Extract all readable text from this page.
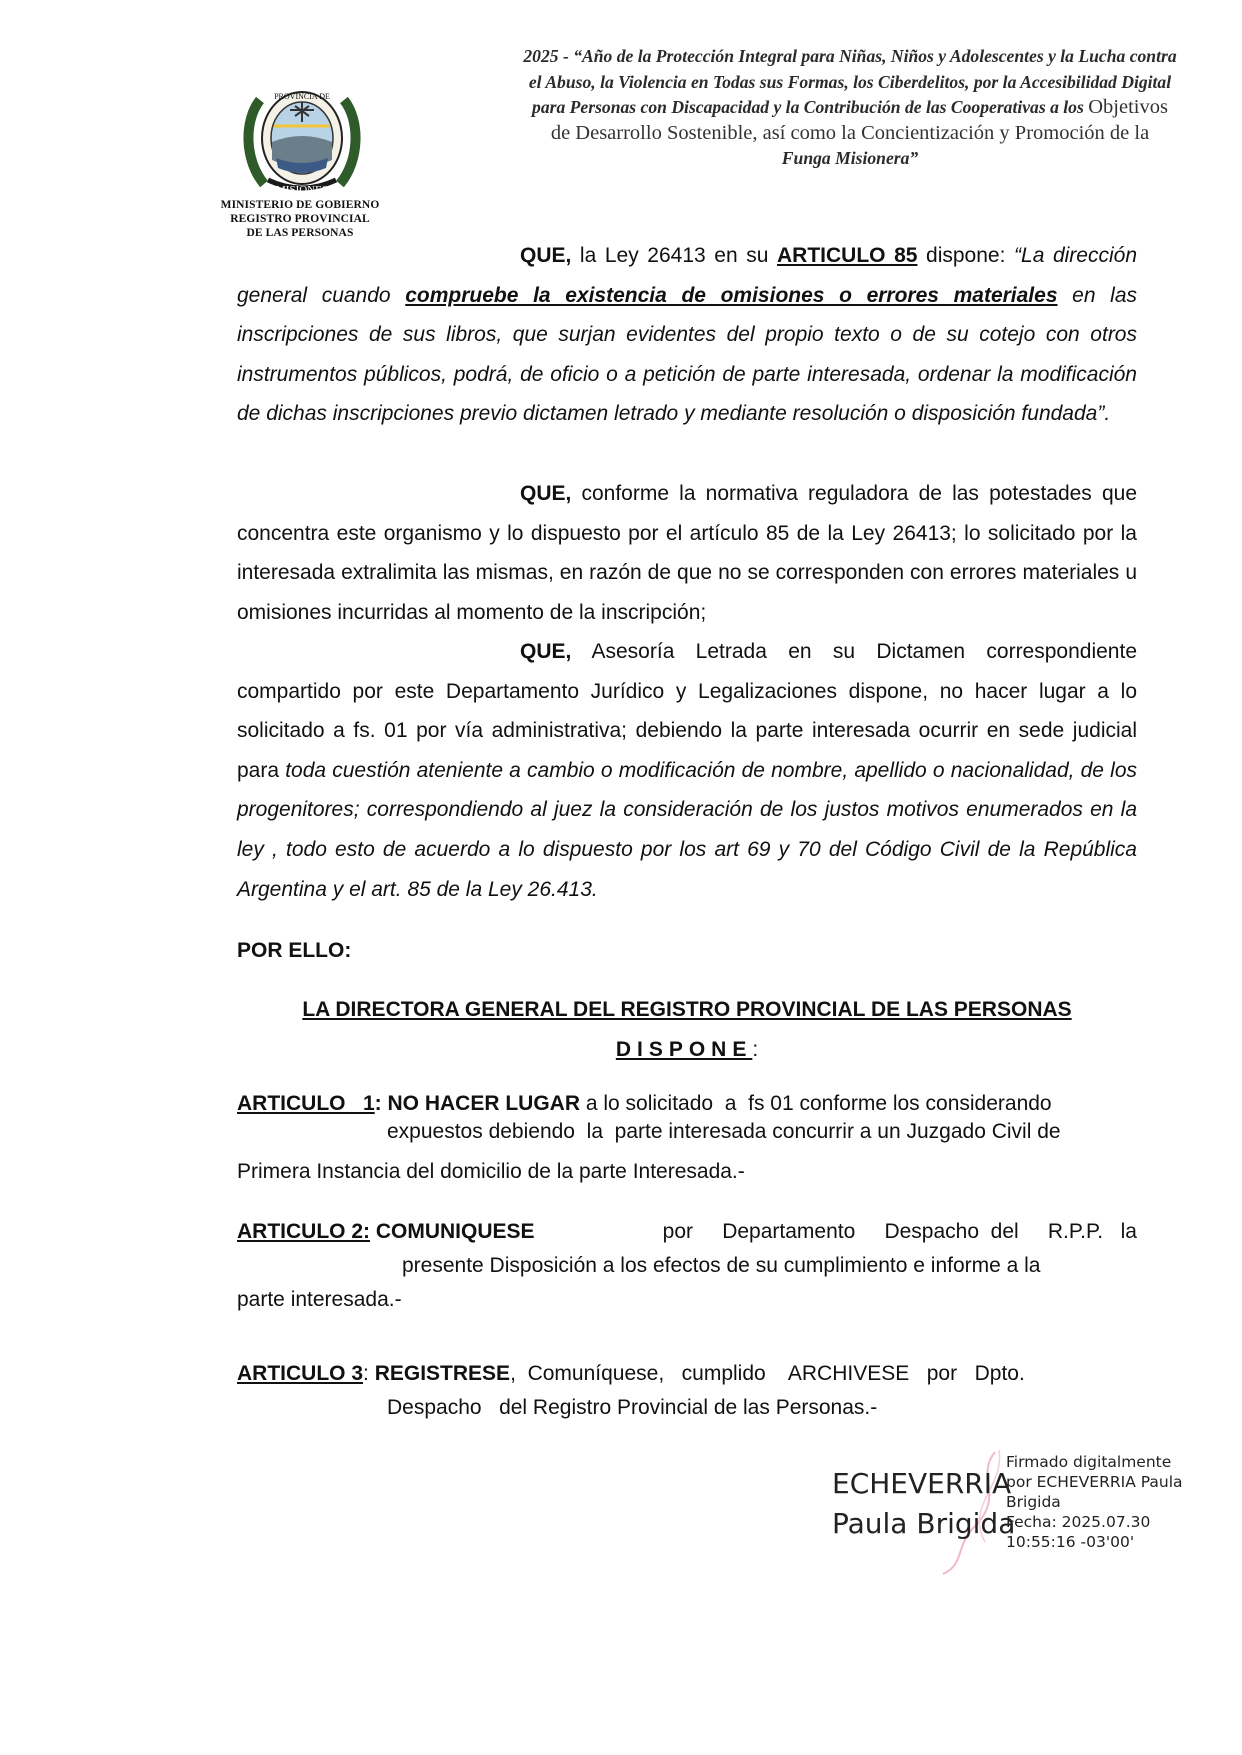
PROVINCIA DE
MISIONES
MINISTERIO DE GOBIERNO
REGISTRO PROVINCIAL
DE LAS PERSONAS
2025 - “Año de la Protección Integral para Niñas, Niños y Adolescentes y la Lucha contra
el Abuso, la Violencia en Todas sus Formas, los Ciberdelitos, por la Accesibilidad Digital
para Personas con Discapacidad y la Contribución de las Cooperativas a los Objetivos
de Desarrollo Sostenible, así como la Concientización y Promoción de la
Funga Misionera”

QUE, la Ley 26413 en su ARTICULO 85 dispone: “La dirección general cuando compruebe la existencia de omisiones o errores materiales en las inscripciones de sus libros, que surjan evidentes del propio texto o de su cotejo con otros instrumentos públicos, podrá, de oficio o a petición de parte interesada, ordenar la modificación de dichas inscripciones previo dictamen letrado y mediante resolución o disposición fundada”.

QUE, conforme la normativa reguladora de las potestades que concentra este organismo y lo dispuesto por el artículo 85 de la Ley 26413; lo solicitado por la interesada extralimita las mismas, en razón de que no se corresponden con errores materiales u omisiones incurridas al momento de la inscripción;

QUE, Asesoría Letrada en su Dictamen correspondiente compartido por este Departamento Jurídico y Legalizaciones dispone, no hacer lugar a lo solicitado a fs. 01 por vía administrativa; debiendo la parte interesada ocurrir en sede judicial para toda cuestión ateniente a cambio o modificación de nombre, apellido o nacionalidad, de los progenitores; correspondiendo al juez la consideración de los justos motivos enumerados en la ley , todo esto de acuerdo a lo dispuesto por los art 69 y 70 del Código Civil de la República Argentina y el art. 85 de la Ley 26.413.

POR ELLO:
LA DIRECTORA GENERAL DEL REGISTRO PROVINCIAL DE LAS PERSONAS
DISPONE:
ARTICULO   1: NO HACER LUGAR a lo solicitado  a  fs 01 conforme los considerando
expuestos debiendo  la  parte interesada concurrir a un Juzgado Civil de
Primera Instancia del domicilio de la parte Interesada.-
ARTICULO 2: COMUNIQUESE	por     Departamento     Despacho  del     R.P.P.   la
presente Disposición a los efectos de su cumplimiento e informe a la
parte interesada.-
ARTICULO 3: REGISTRESE,  Comuníquese,   cumplido    ARCHIVESE   por   Dpto.
Despacho   del Registro Provincial de las Personas.-
ECHEVERRIA
Paula Brigida
Firmado digitalmente
por ECHEVERRIA Paula
Brigida
Fecha: 2025.07.30
10:55:16 -03'00'
